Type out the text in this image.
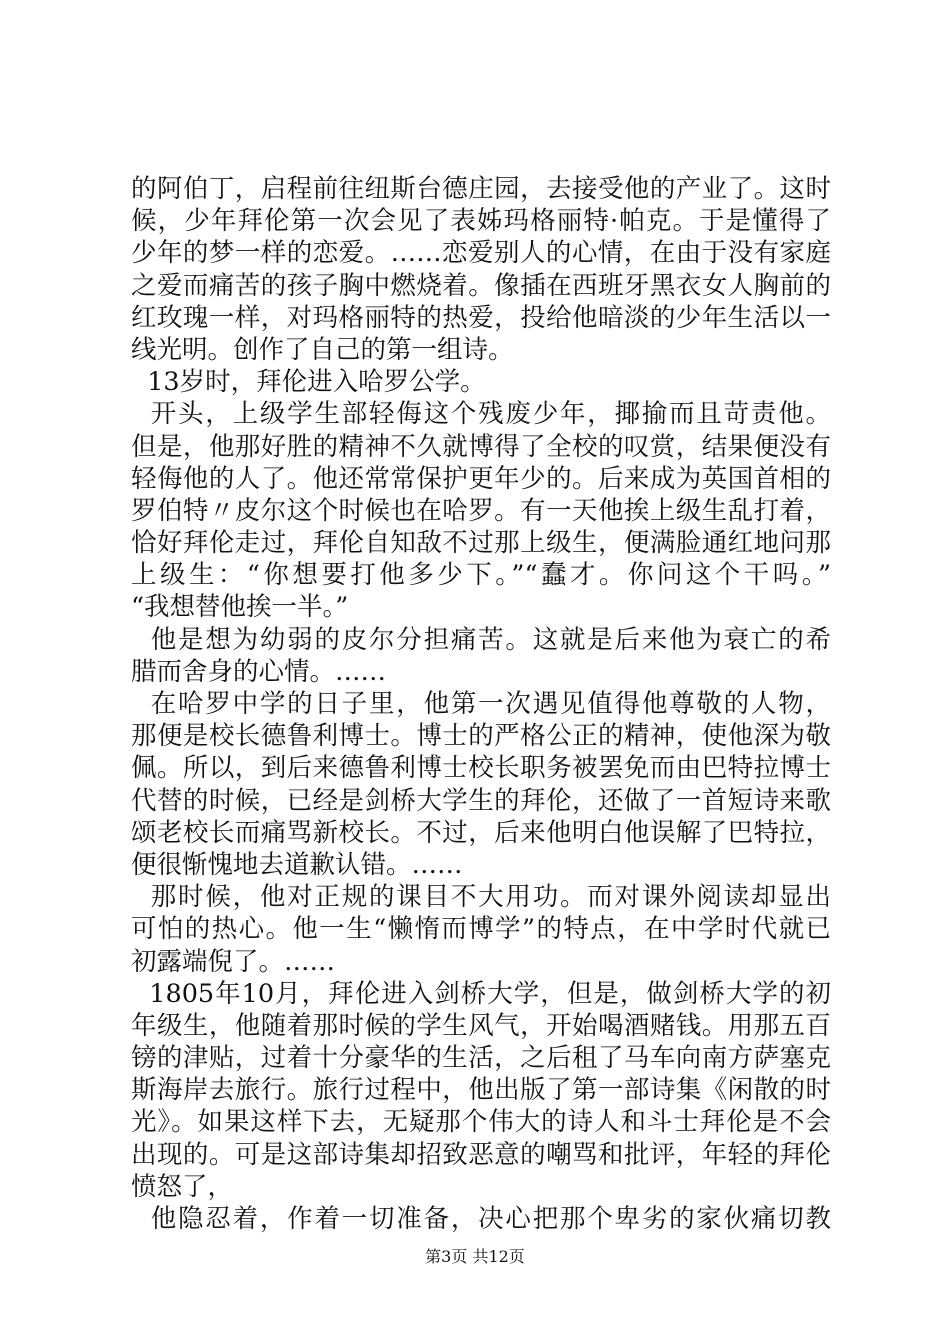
的阿伯丁，启程前往纽斯台德庄园，去接受他的产业了。这时
候，少年拜伦第一次会见了表姊玛格丽特·帕克。于是懂得了
少年的梦一样的恋爱。……恋爱别人的心情，在由于没有家庭
之爱而痛苦的孩子胸中燃烧着。像插在西班牙黑衣女人胸前的
红玫瑰一样，对玛格丽特的热爱，投给他暗淡的少年生活以一
线光明。创作了自己的第一组诗。
13岁时，拜伦进入哈罗公学。
开头，上级学生部轻侮这个残废少年，揶揄而且苛责他。
但是，他那好胜的精神不久就博得了全校的叹赏，结果便没有
轻侮他的人了。他还常常保护更年少的。后来成为英国首相的
罗伯特〃皮尔这个时候也在哈罗。有一天他挨上级生乱打着，
恰好拜伦走过，拜伦自知敌不过那上级生，便满脸通红地问那
上级生：“你想要打他多少下。”“蠢才。你问这个干吗。”
“我想替他挨一半。”
他是想为幼弱的皮尔分担痛苦。这就是后来他为衰亡的希
腊而舍身的心情。……
在哈罗中学的日子里，他第一次遇见值得他尊敬的人物，
那便是校长德鲁利博士。博士的严格公正的精神，使他深为敬
佩。所以，到后来德鲁利博士校长职务被罢免而由巴特拉博士
代替的时候，已经是剑桥大学生的拜伦，还做了一首短诗来歌
颂老校长而痛骂新校长。不过，后来他明白他误解了巴特拉，
便很惭愧地去道歉认错。……
那时候，他对正规的课目不大用功。而对课外阅读却显出
可怕的热心。他一生“懒惰而博学”的特点，在中学时代就已
初露端倪了。……
1805年10月，拜伦进入剑桥大学，但是，做剑桥大学的初
年级生，他随着那时候的学生风气，开始喝酒赌钱。用那五百
镑的津贴，过着十分豪华的生活，之后租了马车向南方萨塞克
斯海岸去旅行。旅行过程中，他出版了第一部诗集《闲散的时
光》。如果这样下去，无疑那个伟大的诗人和斗士拜伦是不会
出现的。可是这部诗集却招致恶意的嘲骂和批评，年轻的拜伦
愤怒了，
他隐忍着，作着一切准备，决心把那个卑劣的家伙痛切教
第3页 共12页
